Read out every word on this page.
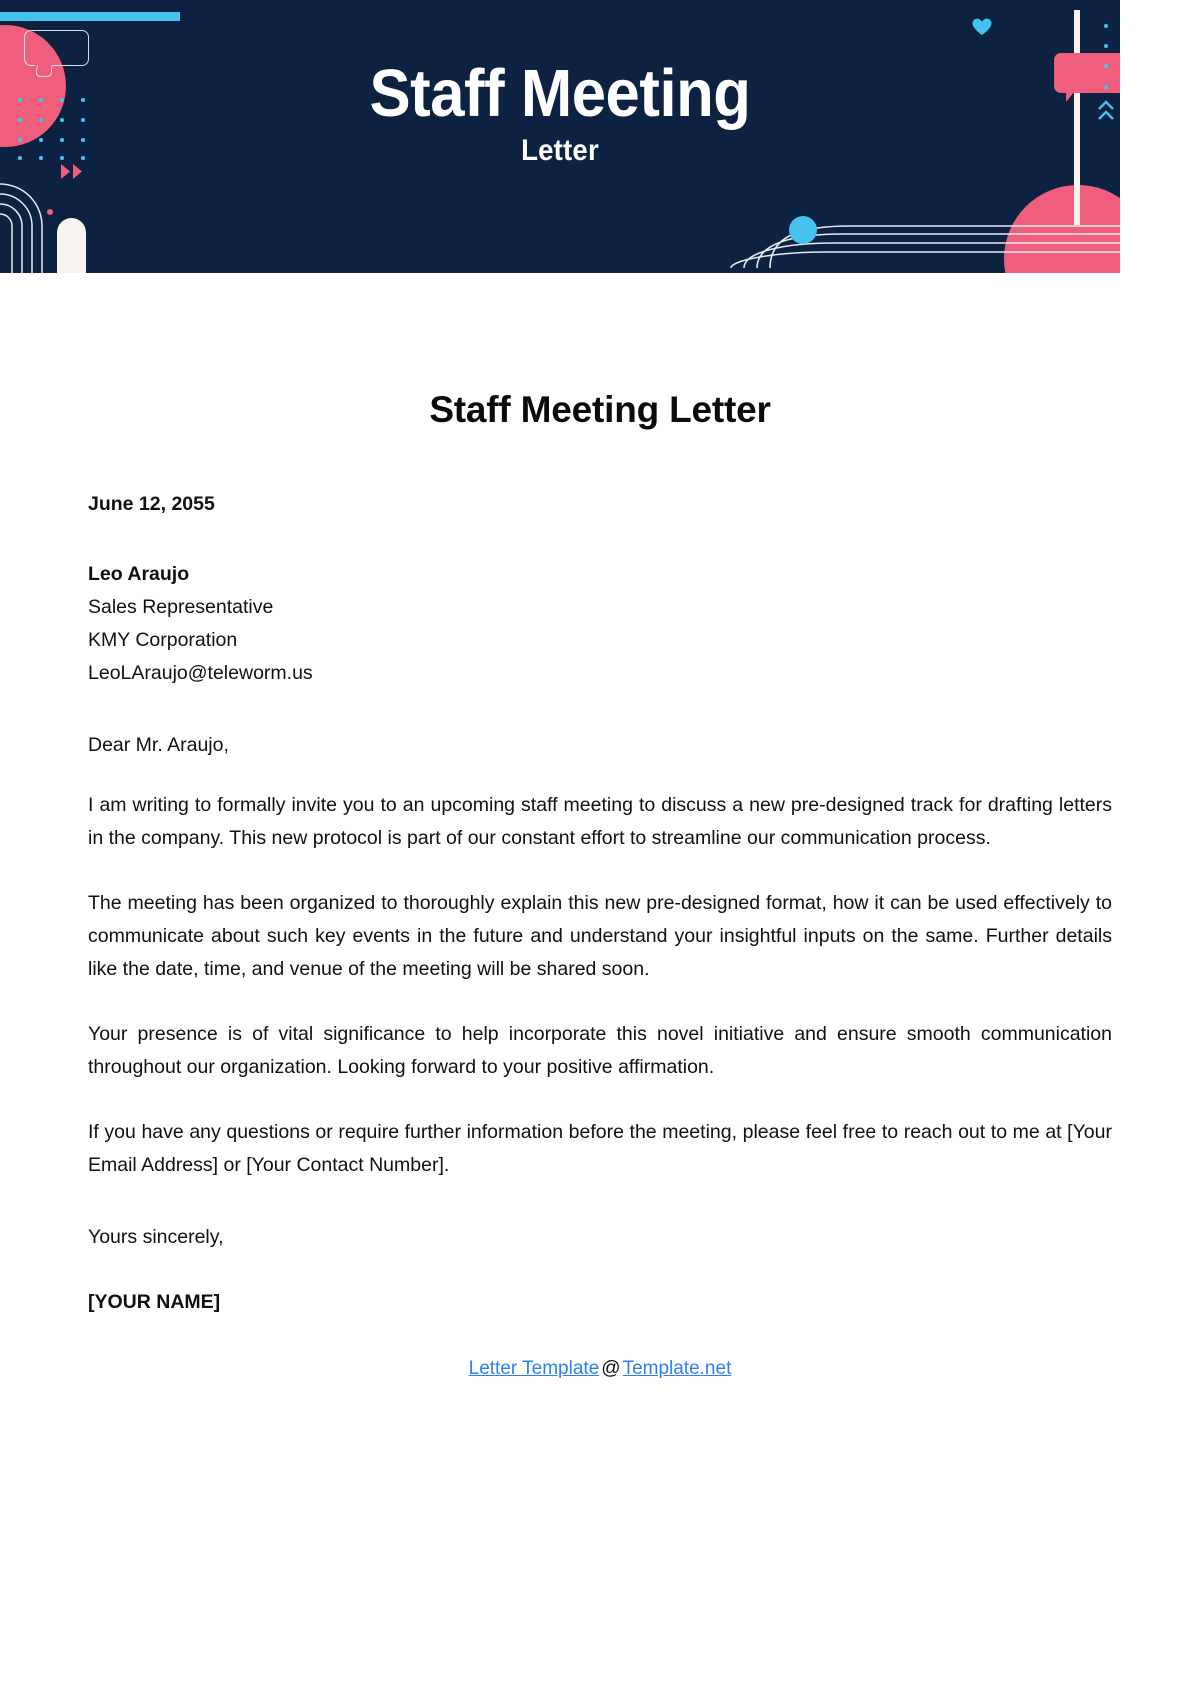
Staff Meeting
Letter
Staff Meeting Letter
June 12, 2055
Leo Araujo
Sales Representative
KMY Corporation
LeoLAraujo@teleworm.us
Dear Mr. Araujo,

I am writing to formally invite you to an upcoming staff meeting to discuss a new pre-designed track for drafting letters in the company. This new protocol is part of our constant effort to streamline our communication process.

The meeting has been organized to thoroughly explain this new pre-designed format, how it can be used effectively to communicate about such key events in the future and understand your insightful inputs on the same. Further details like the date, time, and venue of the meeting will be shared soon.

Your presence is of vital significance to help incorporate this novel initiative and ensure smooth communication throughout our organization. Looking forward to your positive affirmation.

If you have any questions or require further information before the meeting, please feel free to reach out to me at [Your Email Address] or [Your Contact Number].

Yours sincerely,
[YOUR NAME]
Letter Template @ Template.net
